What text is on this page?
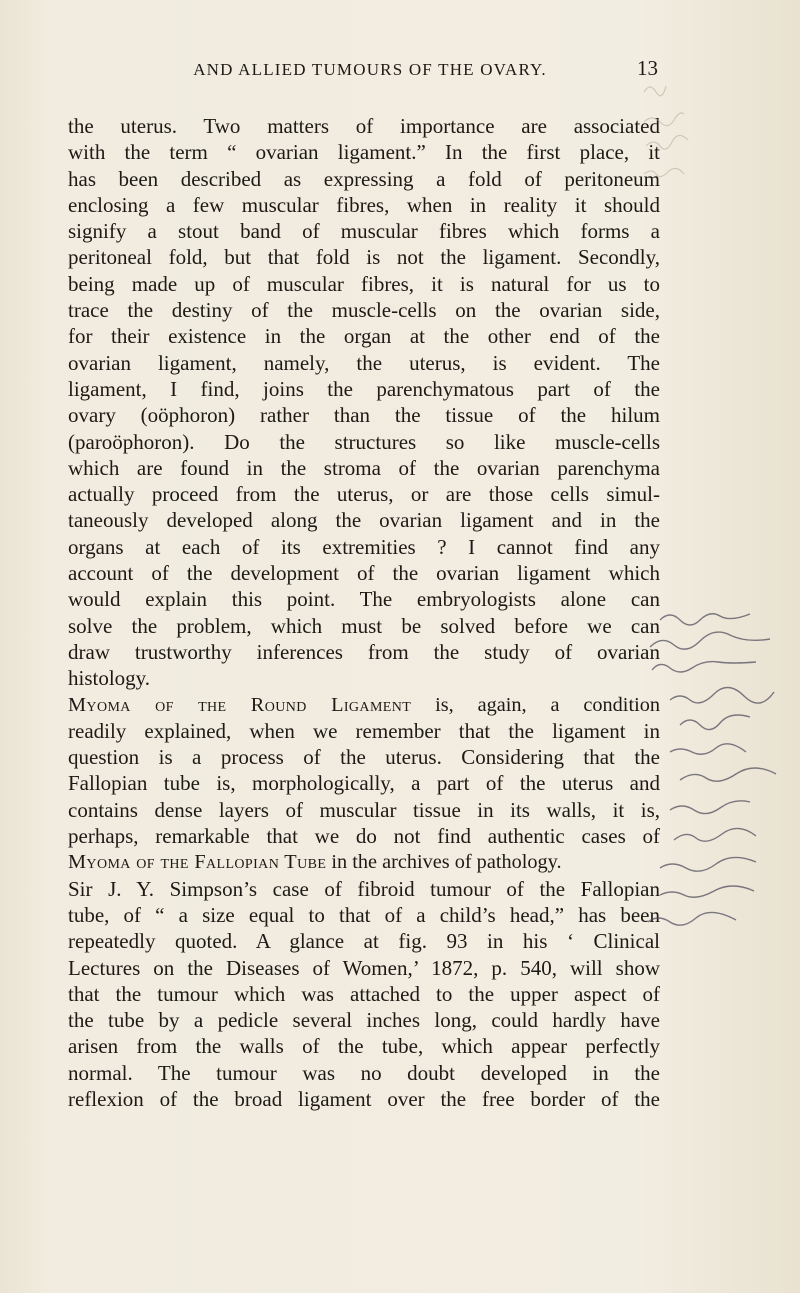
AND ALLIED TUMOURS OF THE OVARY.	13
the uterus. Two matters of importance are associated
with the term “ ovarian ligament.” In the first place, it
has been described as expressing a fold of peritoneum
enclosing a few muscular fibres, when in reality it should
signify a stout band of muscular fibres which forms a
peritoneal fold, but that fold is not the ligament. Secondly,
being made up of muscular fibres, it is natural for us to
trace the destiny of the muscle-cells on the ovarian side,
for their existence in the organ at the other end of the
ovarian ligament, namely, the uterus, is evident. The
ligament, I find, joins the parenchymatous part of the
ovary (oöphoron) rather than the tissue of the hilum
(paroöphoron). Do the structures so like muscle-cells
which are found in the stroma of the ovarian parenchyma
actually proceed from the uterus, or are those cells simul-
taneously developed along the ovarian ligament and in the
organs at each of its extremities ? I cannot find any
account of the development of the ovarian ligament which
would explain this point. The embryologists alone can
solve the problem, which must be solved before we can
draw trustworthy inferences from the study of ovarian
histology.
Myoma of the Round Ligament is, again, a condition
readily explained, when we remember that the ligament in
question is a process of the uterus. Considering that the
Fallopian tube is, morphologically, a part of the uterus and
contains dense layers of muscular tissue in its walls, it is,
perhaps, remarkable that we do not find authentic cases of
Myoma of the Fallopian Tube in the archives of pathology.
Sir J. Y. Simpson’s case of fibroid tumour of the Fallopian
tube, of “ a size equal to that of a child’s head,” has been
repeatedly quoted. A glance at fig. 93 in his ‘ Clinical
Lectures on the Diseases of Women,’ 1872, p. 540, will show
that the tumour which was attached to the upper aspect of
the tube by a pedicle several inches long, could hardly have
arisen from the walls of the tube, which appear perfectly
normal. The tumour was no doubt developed in the
reflexion of the broad ligament over the free border of the
